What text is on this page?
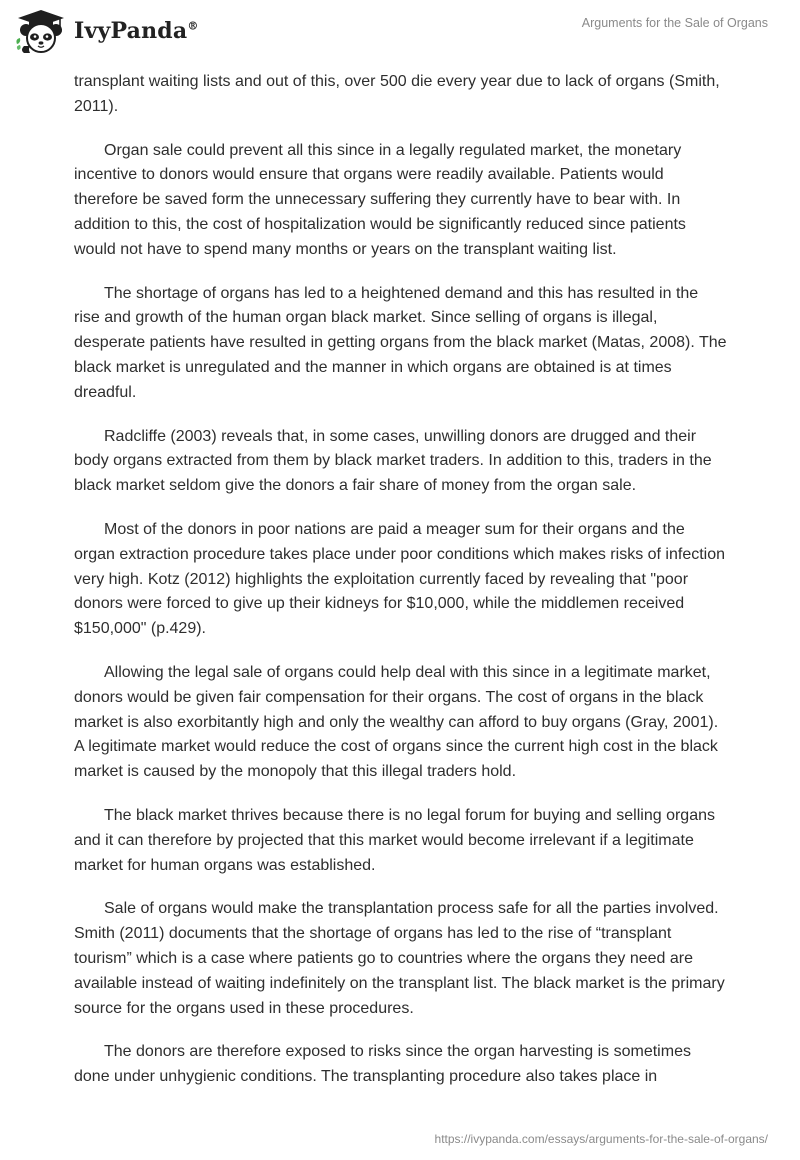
IvyPanda®	Arguments for the Sale of Organs

transplant waiting lists and out of this, over 500 die every year due to lack of organs (Smith, 2011).

Organ sale could prevent all this since in a legally regulated market, the monetary incentive to donors would ensure that organs were readily available. Patients would therefore be saved form the unnecessary suffering they currently have to bear with. In addition to this, the cost of hospitalization would be significantly reduced since patients would not have to spend many months or years on the transplant waiting list.

The shortage of organs has led to a heightened demand and this has resulted in the rise and growth of the human organ black market. Since selling of organs is illegal, desperate patients have resulted in getting organs from the black market (Matas, 2008). The black market is unregulated and the manner in which organs are obtained is at times dreadful.

Radcliffe (2003) reveals that, in some cases, unwilling donors are drugged and their body organs extracted from them by black market traders. In addition to this, traders in the black market seldom give the donors a fair share of money from the organ sale.

Most of the donors in poor nations are paid a meager sum for their organs and the organ extraction procedure takes place under poor conditions which makes risks of infection very high. Kotz (2012) highlights the exploitation currently faced by revealing that "poor donors were forced to give up their kidneys for $10,000, while the middlemen received $150,000" (p.429).

Allowing the legal sale of organs could help deal with this since in a legitimate market, donors would be given fair compensation for their organs. The cost of organs in the black market is also exorbitantly high and only the wealthy can afford to buy organs (Gray, 2001). A legitimate market would reduce the cost of organs since the current high cost in the black market is caused by the monopoly that this illegal traders hold.

The black market thrives because there is no legal forum for buying and selling organs and it can therefore by projected that this market would become irrelevant if a legitimate market for human organs was established.

Sale of organs would make the transplantation process safe for all the parties involved. Smith (2011) documents that the shortage of organs has led to the rise of “transplant tourism” which is a case where patients go to countries where the organs they need are available instead of waiting indefinitely on the transplant list. The black market is the primary source for the organs used in these procedures.

The donors are therefore exposed to risks since the organ harvesting is sometimes done under unhygienic conditions. The transplanting procedure also takes place in

https://ivypanda.com/essays/arguments-for-the-sale-of-organs/
